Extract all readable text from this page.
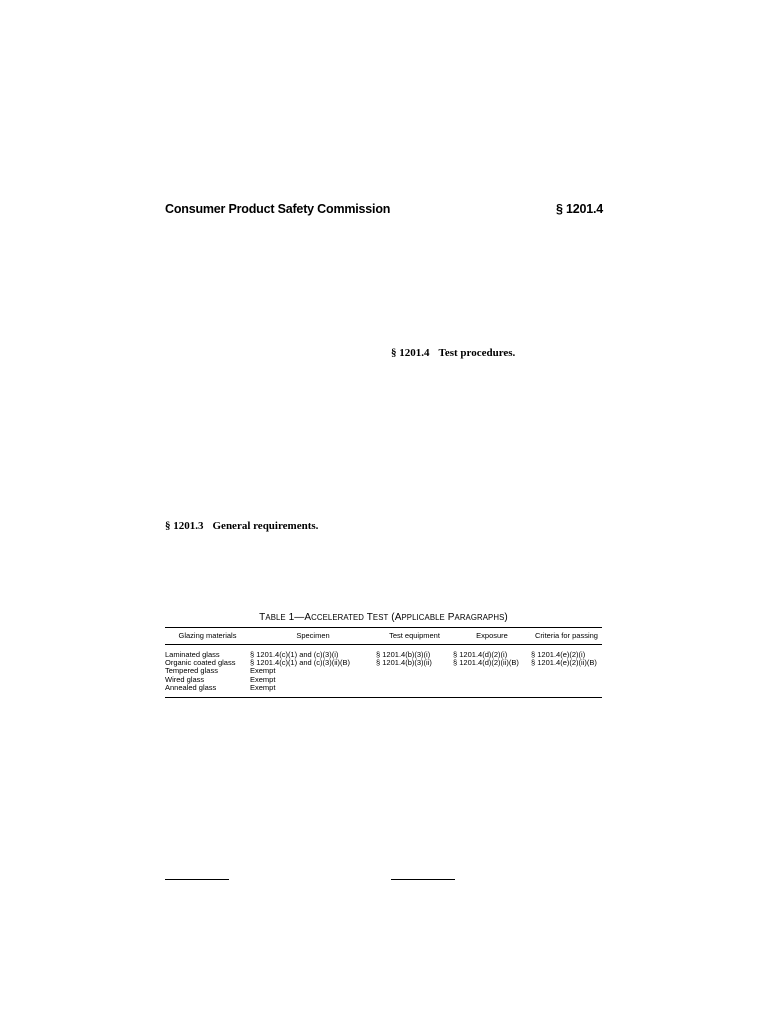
Consumer Product Safety Commission	§ 1201.4
§ 1201.4 Test procedures.
§ 1201.3 General requirements.
TABLE 1—ACCELERATED TEST (APPLICABLE PARAGRAPHS)
Glazing materials	Specimen	Test equipment	Exposure	Criteria for passing
Laminated glass	§ 1201.4(c)(1) and (c)(3)(i)	§ 1201.4(b)(3)(i)	§ 1201.4(d)(2)(i)	§ 1201.4(e)(2)(i)
Organic coated glass	§ 1201.4(c)(1) and (c)(3)(ii)(B)	§ 1201.4(b)(3)(ii)	§ 1201.4(d)(2)(ii)(B)	§ 1201.4(e)(2)(ii)(B)
Tempered glass	Exempt			
Wired glass	Exempt			
Annealed glass	Exempt			
